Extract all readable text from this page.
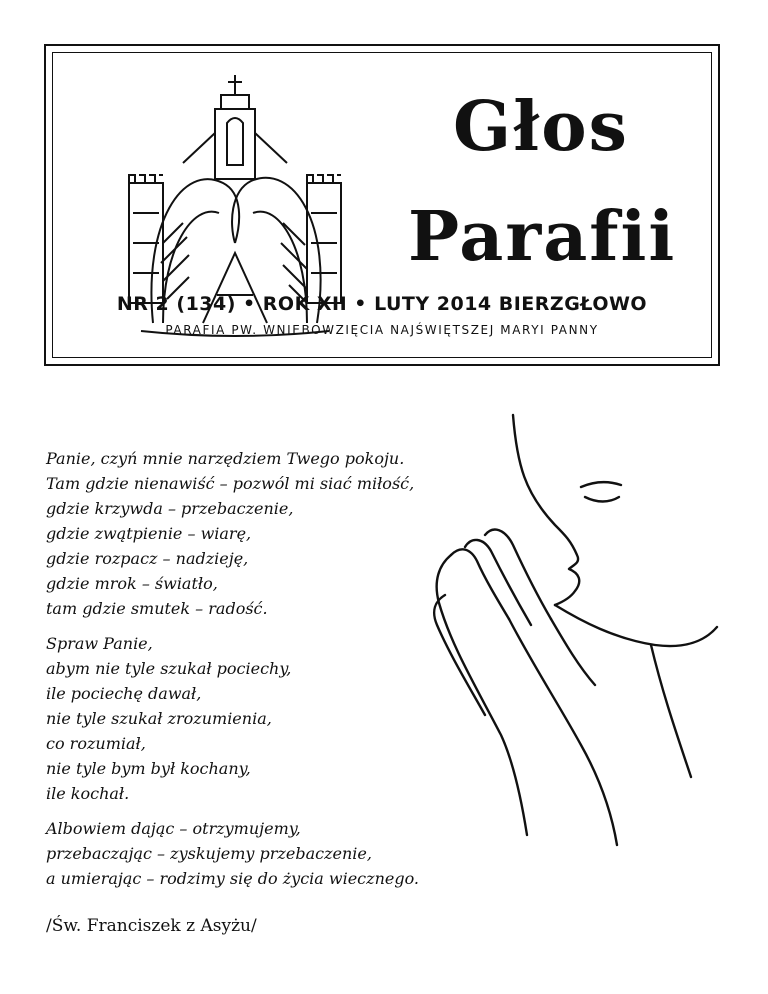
Głos
Parafii
NR 2 (134) • ROK XII • LUTY 2014 BIERZGŁOWO
PARAFIA PW. WNIEBOWZIĘCIA NAJŚWIĘTSZEJ MARYI PANNY

Panie, czyń mnie narzędziem Twego pokoju.
Tam gdzie nienawiść – pozwól mi siać miłość,
gdzie krzywda – przebaczenie,
gdzie zwątpienie – wiarę,
gdzie rozpacz – nadzieję,
gdzie mrok – światło,
tam gdzie smutek – radość.

Spraw Panie,
abym nie tyle szukał pociechy,
ile pociechę dawał,
nie tyle szukał zrozumienia,
co rozumiał,
nie tyle bym był kochany,
ile kochał.

Albowiem dając – otrzymujemy,
przebaczając – zyskujemy przebaczenie,
a umierając – rodzimy się do życia wiecznego.

/Św. Franciszek z Asyżu/
